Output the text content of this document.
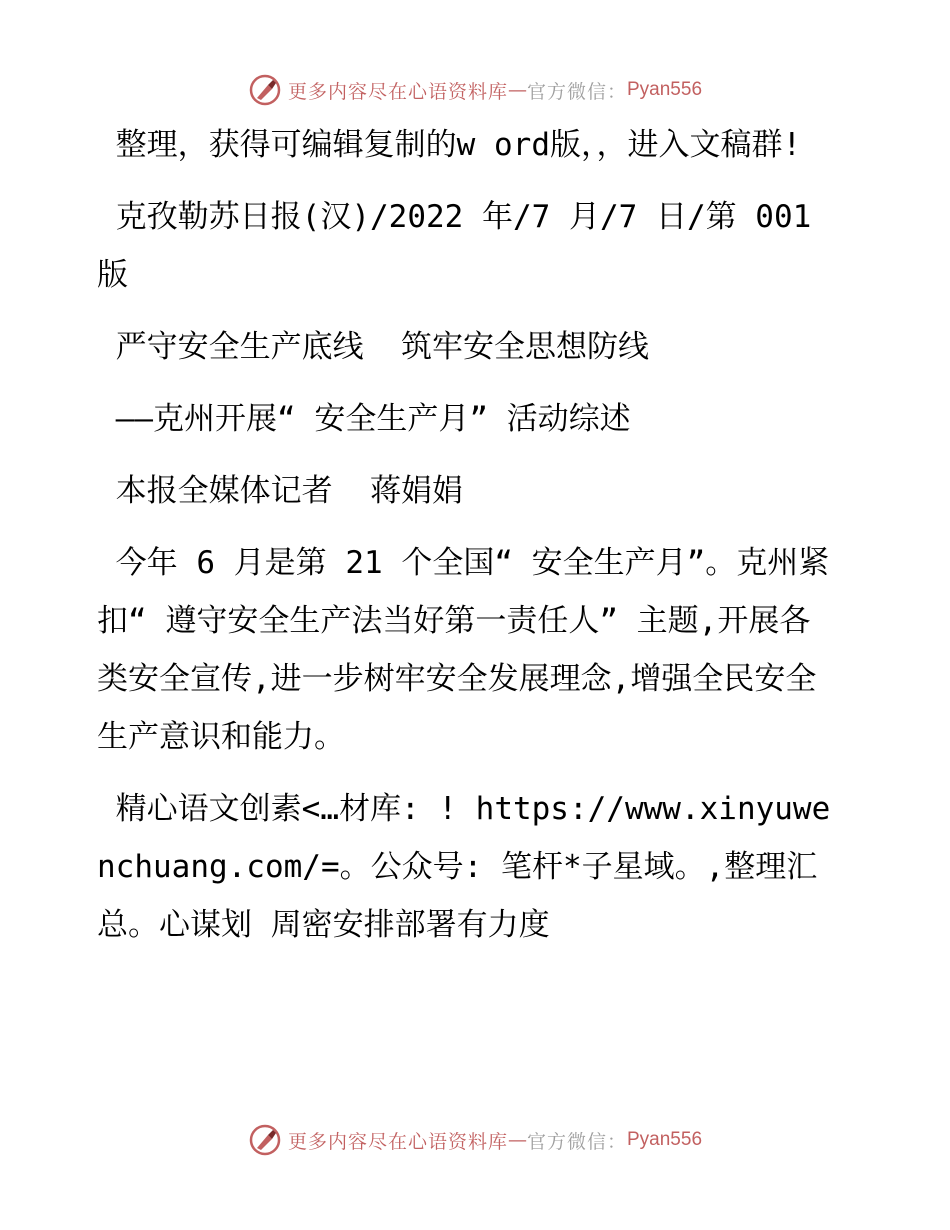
更多内容尽在心语资料库 — 官方微信： Pyan556

整理，获得可编辑复制的w ord版，，进入文稿群!

克孜勒苏日报(汉)/2022 年/7 月/7 日/第 001 版

严守安全生产底线  筑牢安全思想防线

——克州开展“ 安全生产月” 活动综述

本报全媒体记者  蒋娟娟

今年 6 月是第 21 个全国“ 安全生产月”。克州紧扣“ 遵守安全生产法当好第一责任人” 主题,开展各类安全宣传,进一步树牢安全发展理念,增强全民安全生产意识和能力。

精心语文创素<…材库: ! https://www.xinyuwenchuang.com/=。公众号: 笔杆*子星域。,整理汇总。心谋划 周密安排部署有力度

更多内容尽在心语资料库 — 官方微信： Pyan556
